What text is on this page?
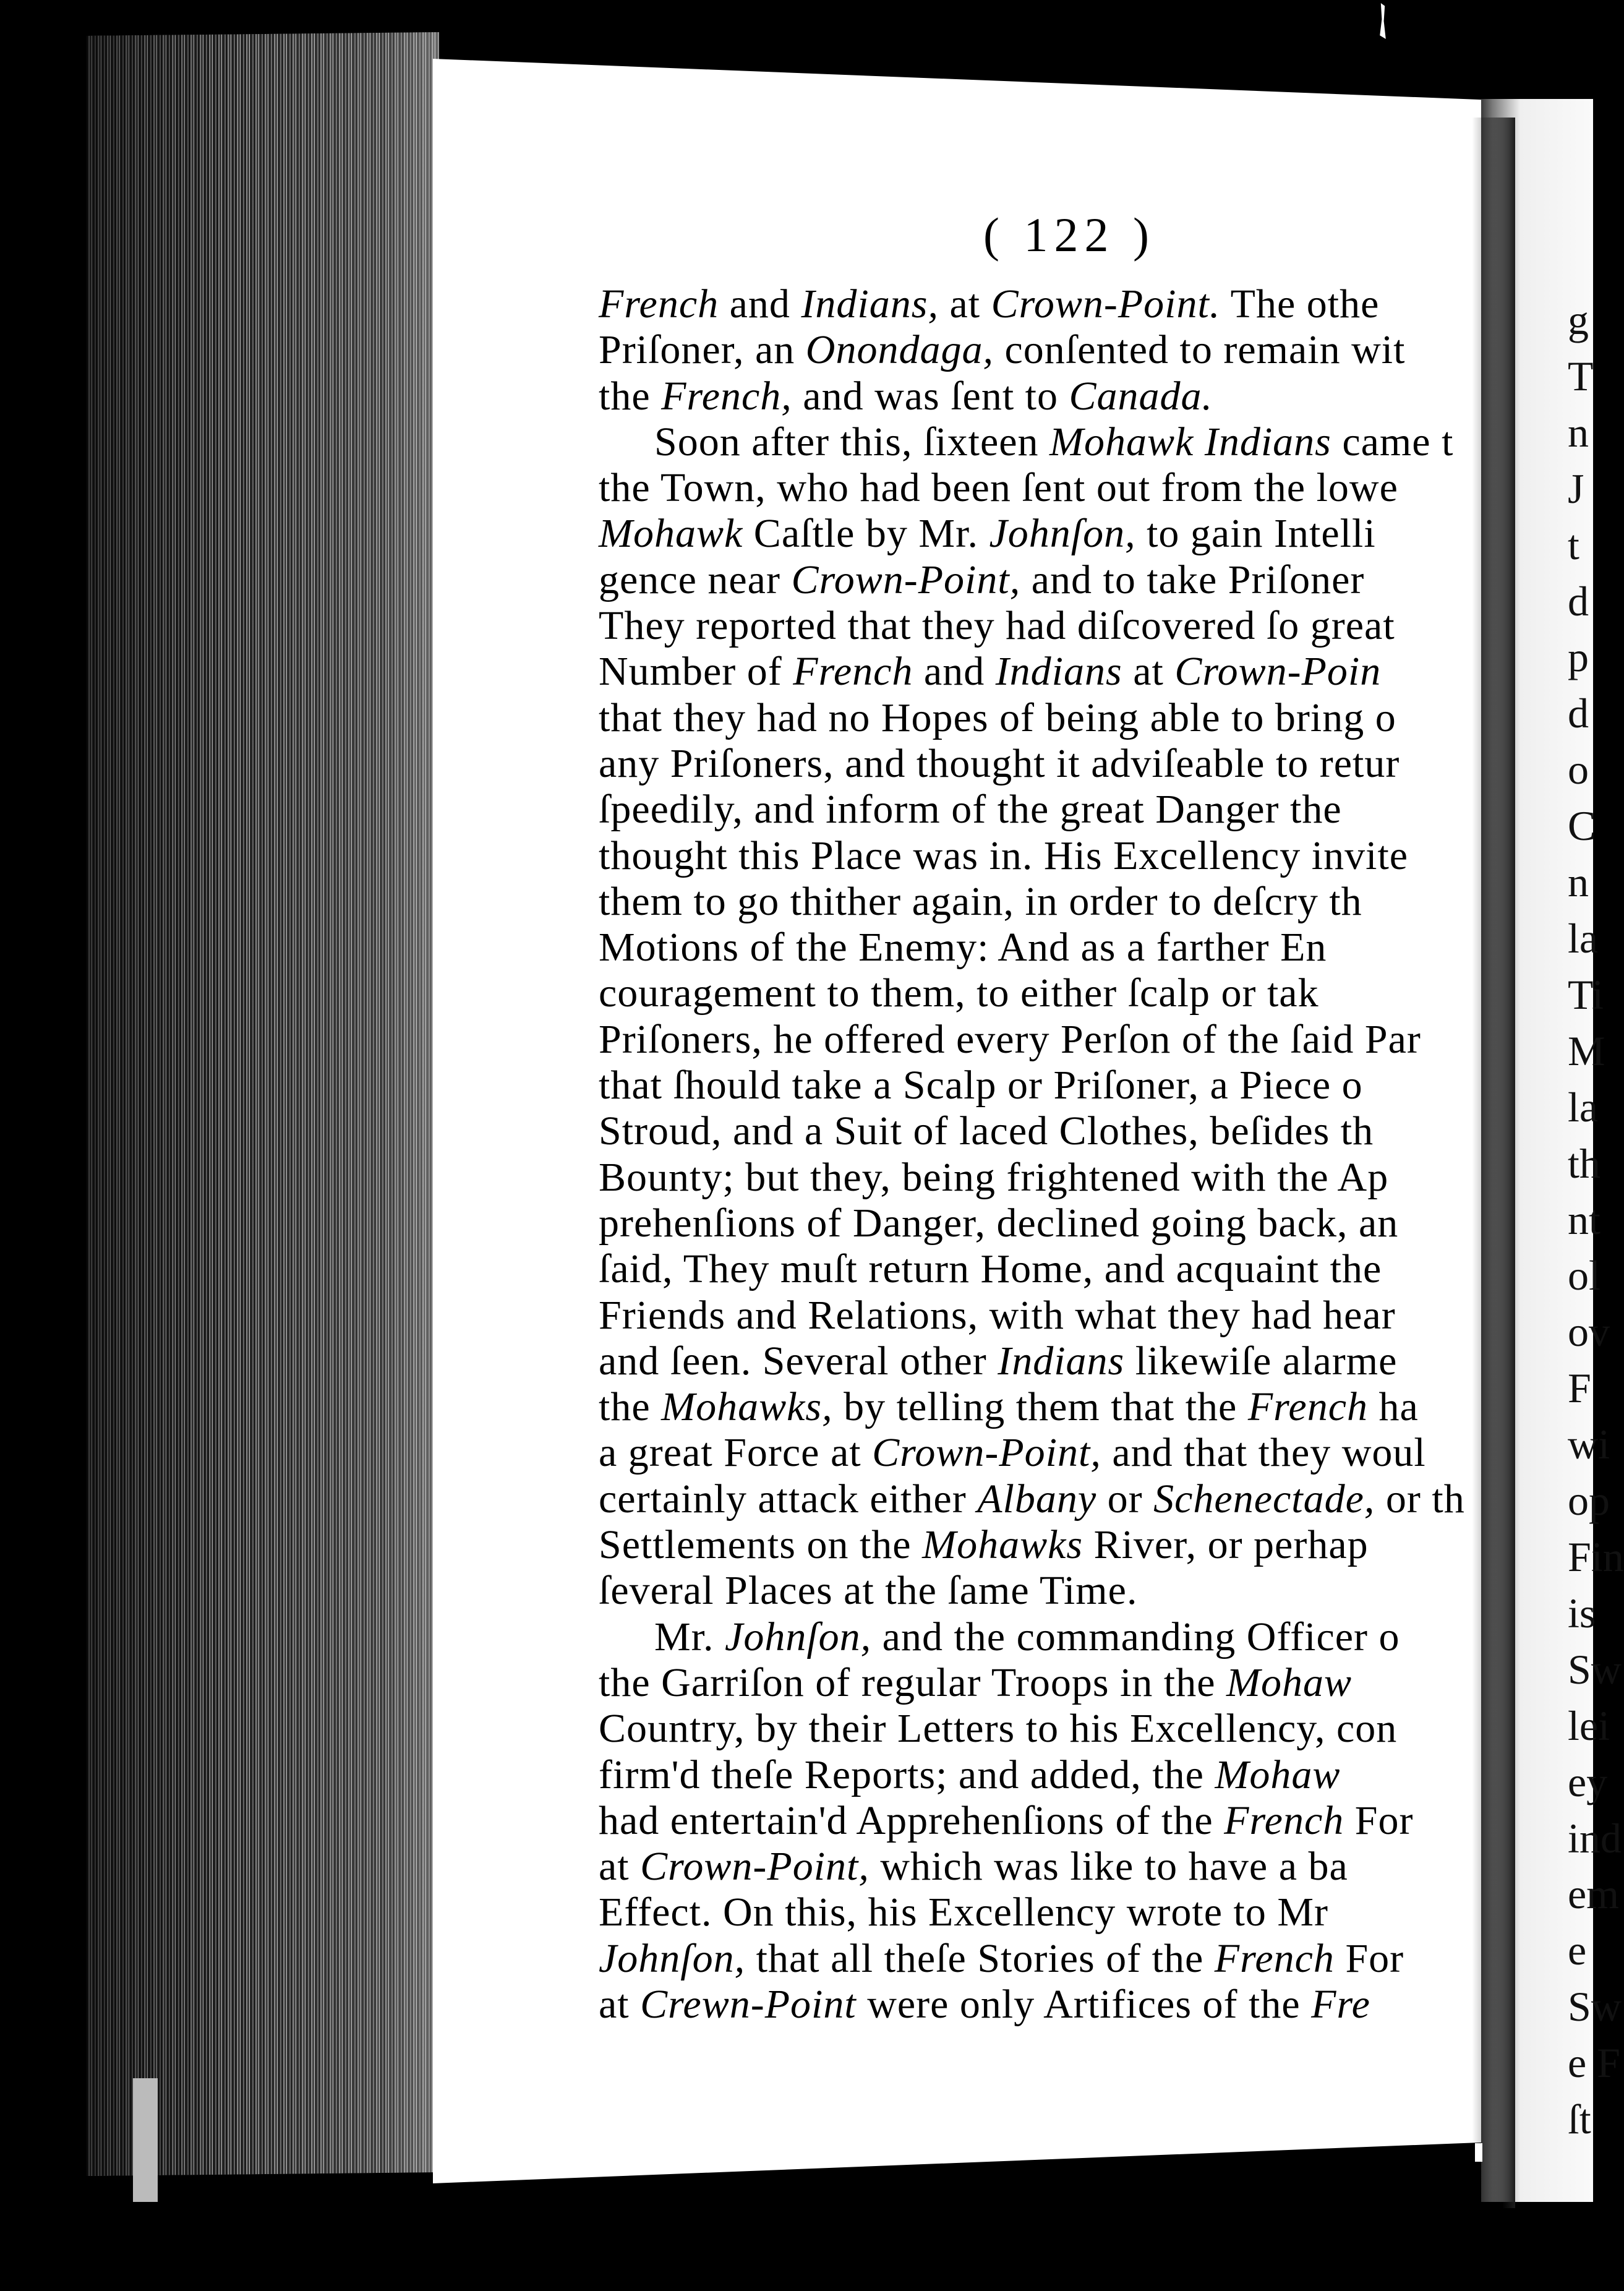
g
T
n
J
t
d
p
d
o
C
n
la
Ti
M
la
th
nt
ol
ov
F
wi
op
Fin
is
Sw
lei
ey
ind
em
e
Sw
e F
ſt
( 122 )
French and Indians, at Crown-Point. The othe
Priſoner, an Onondaga, conſented to remain wit
the French, and was ſent to Canada.
Soon after this, ſixteen Mohawk Indians came t
the Town, who had been ſent out from the lowe
Mohawk Caſtle by Mr. Johnſon, to gain Intelli
gence near Crown-Point, and to take Priſoner
They reported that they had diſcovered ſo great
Number of French and Indians at Crown-Poin
that they had no Hopes of being able to bring o
any Priſoners, and thought it adviſeable to retur
ſpeedily, and inform of the great Danger the
thought this Place was in. His Excellency invite
them to go thither again, in order to deſcry th
Motions of the Enemy: And as a farther En
couragement to them, to either ſcalp or tak
Priſoners, he offered every Perſon of the ſaid Par
that ſhould take a Scalp or Priſoner, a Piece o
Stroud, and a Suit of laced Clothes, beſides th
Bounty; but they, being frightened with the Ap
prehenſions of Danger, declined going back, an
ſaid, They muſt return Home, and acquaint the
Friends and Relations, with what they had hear
and ſeen. Several other Indians likewiſe alarme
the Mohawks, by telling them that the French ha
a great Force at Crown-Point, and that they woul
certainly attack either Albany or Schenectade, or th
Settlements on the Mohawks River, or perhap
ſeveral Places at the ſame Time.
Mr. Johnſon, and the commanding Officer o
the Garriſon of regular Troops in the Mohaw
Country, by their Letters to his Excellency, con
firm'd theſe Reports; and added, the Mohaw
had entertain'd Apprehenſions of the French For
at Crown-Point, which was like to have a ba
Effect. On this, his Excellency wrote to Mr
Johnſon, that all theſe Stories of the French For
at Crewn-Point were only Artifices of the Fre
